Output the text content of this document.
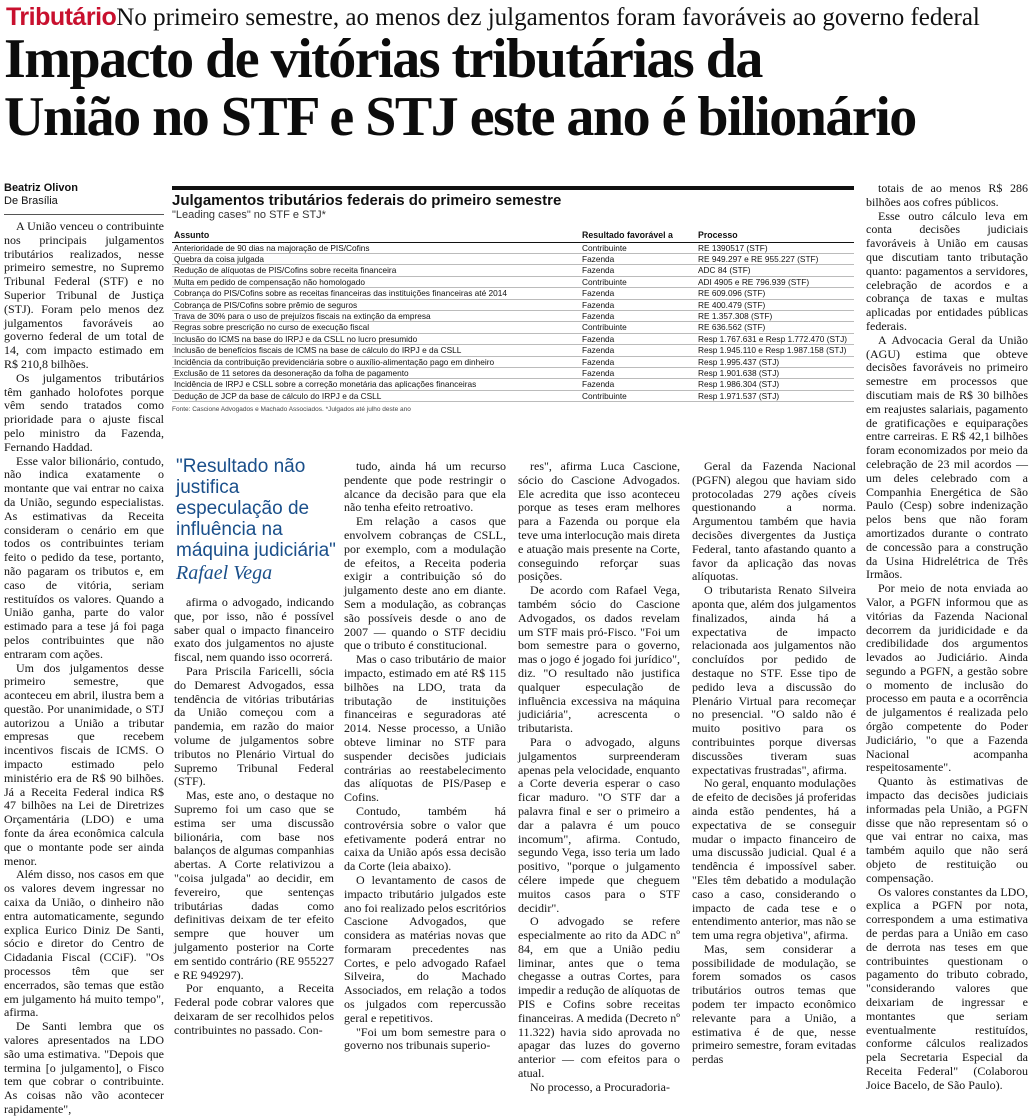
TributárioNo primeiro semestre, ao menos dez julgamentos foram favoráveis ao governo federal
Impacto de vitórias tributárias da
União no STF e STJ este ano é bilionário
Beatriz Olivon
De Brasília	Julgamentos tributários federais do primeiro semestre
"Leading cases" no STF e STJ*
Assunto	Resultado favorável a	Processo
Anterioridade de 90 dias na majoração de PIS/Cofins	Contribuinte	RE 1390517 (STF)
Quebra da coisa julgada	Fazenda	RE 949.297 e RE 955.227 (STF)
Redução de alíquotas de PIS/Cofins sobre receita financeira	Fazenda	ADC 84 (STF)
Multa em pedido de compensação não homologado	Contribuinte	ADI 4905 e RE 796.939 (STF)
Cobrança do PIS/Cofins sobre as receitas financeiras das instituições financeiras até 2014	Fazenda	RE 609.096 (STF)
Cobrança de PIS/Cofins sobre prêmio de seguros	Fazenda	RE 400.479 (STF)
Trava de 30% para o uso de prejuízos fiscais na extinção da empresa	Fazenda	RE 1.357.308 (STF)
Regras sobre prescrição no curso de execução fiscal	Contribuinte	RE 636.562 (STF)
Inclusão do ICMS na base do IRPJ e da CSLL no lucro presumido	Fazenda	Resp 1.767.631 e Resp 1.772.470 (STJ)
Inclusão de benefícios fiscais de ICMS na base de cálculo do IRPJ e da CSLL	Fazenda	Resp 1.945.110 e Resp 1.987.158 (STJ)
Incidência da contribuição previdenciária sobre o auxílio-alimentação pago em dinheiro	Fazenda	Resp 1.995.437 (STJ)
Exclusão de 11 setores da desoneração da folha de pagamento	Fazenda	Resp 1.901.638 (STJ)
Incidência de IRPJ e CSLL sobre a correção monetária das aplicações financeiras	Fazenda	Resp 1.986.304 (STJ)
Dedução de JCP da base de cálculo do IRPJ e da CSLL	Contribuinte	Resp 1.971.537 (STJ)
Fonte: Cascione Advogados e Machado Associados. *Julgados até julho deste ano
"Resultado não justifica especulação de influência na máquina judiciária"
Rafael Vega

A União venceu o contribuinte nos principais julgamentos tributários realizados, nesse primeiro semestre, no Supremo Tribunal Federal (STF) e no Superior Tribunal de Justiça (STJ). Foram pelo menos dez julgamentos favoráveis ao governo federal de um total de 14, com impacto estimado em R$ 210,8 bilhões.

Os julgamentos tributários têm ganhado holofotes porque vêm sendo tratados como prioridade para o ajuste fiscal pelo ministro da Fazenda, Fernando Haddad.

Esse valor bilionário, contudo, não indica exatamente o montante que vai entrar no caixa da União, segundo especialistas. As estimativas da Receita consideram o cenário em que todos os contribuintes teriam feito o pedido da tese, portanto, não pagaram os tributos e, em caso de vitória, seriam restituídos os valores. Quando a União ganha, parte do valor estimado para a tese já foi paga pelos contribuintes que não entraram com ações.

Um dos julgamentos desse primeiro semestre, que aconteceu em abril, ilustra bem a questão. Por unanimidade, o STJ autorizou a União a tributar empresas que recebem incentivos fiscais de ICMS. O impacto estimado pelo ministério era de R$ 90 bilhões. Já a Receita Federal indica R$ 47 bilhões na Lei de Diretrizes Orçamentária (LDO) e uma fonte da área econômica calcula que o montante pode ser ainda menor.

Além disso, nos casos em que os valores devem ingressar no caixa da União, o dinheiro não entra automaticamente, segundo explica Eurico Diniz De Santi, sócio e diretor do Centro de Cidadania Fiscal (CCiF). "Os processos têm que ser encerrados, são temas que estão em julgamento há muito tempo", afirma.

De Santi lembra que os valores apresentados na LDO são uma estimativa. "Depois que termina [o julgamento], o Fisco tem que cobrar o contribuinte. As coisas não vão acontecer rapidamente",

afirma o advogado, indicando que, por isso, não é possível saber qual o impacto financeiro exato dos julgamentos no ajuste fiscal, nem quando isso ocorrerá.

Para Priscila Faricelli, sócia do Demarest Advogados, essa tendência de vitórias tributárias da União começou com a pandemia, em razão do maior volume de julgamentos sobre tributos no Plenário Virtual do Supremo Tribunal Federal (STF).

Mas, este ano, o destaque no Supremo foi um caso que se estima ser uma discussão bilionária, com base nos balanços de algumas companhias abertas. A Corte relativizou a "coisa julgada" ao decidir, em fevereiro, que sentenças tributárias dadas como definitivas deixam de ter efeito sempre que houver um julgamento posterior na Corte em sentido contrário (RE 955227 e RE 949297).

Por enquanto, a Receita Federal pode cobrar valores que deixaram de ser recolhidos pelos contribuintes no passado. Con-

tudo, ainda há um recurso pendente que pode restringir o alcance da decisão para que ela não tenha efeito retroativo.

Em relação a casos que envolvem cobranças de CSLL, por exemplo, com a modulação de efeitos, a Receita poderia exigir a contribuição só do julgamento deste ano em diante. Sem a modulação, as cobranças são possíveis desde o ano de 2007 — quando o STF decidiu que o tributo é constitucional.

Mas o caso tributário de maior impacto, estimado em até R$ 115 bilhões na LDO, trata da tributação de instituições financeiras e seguradoras até 2014. Nesse processo, a União obteve liminar no STF para suspender decisões judiciais contrárias ao reestabelecimento das alíquotas de PIS/Pasep e Cofins.

Contudo, também há controvérsia sobre o valor que efetivamente poderá entrar no caixa da União após essa decisão da Corte (leia abaixo).

O levantamento de casos de impacto tributário julgados este ano foi realizado pelos escritórios Cascione Advogados, que considera as matérias novas que formaram precedentes nas Cortes, e pelo advogado Rafael Silveira, do Machado Associados, em relação a todos os julgados com repercussão geral e repetitivos.

"Foi um bom semestre para o governo nos tribunais superio-

res", afirma Luca Cascione, sócio do Cascione Advogados. Ele acredita que isso aconteceu porque as teses eram melhores para a Fazenda ou porque ela teve uma interlocução mais direta e atuação mais presente na Corte, conseguindo reforçar suas posições.

De acordo com Rafael Vega, também sócio do Cascione Advogados, os dados revelam um STF mais pró-Fisco. "Foi um bom semestre para o governo, mas o jogo é jogado foi jurídico", diz. "O resultado não justifica qualquer especulação de influência excessiva na máquina judiciária", acrescenta o tributarista.

Para o advogado, alguns julgamentos surpreenderam apenas pela velocidade, enquanto a Corte deveria esperar o caso ficar maduro. "O STF dar a palavra final e ser o primeiro a dar a palavra é um pouco incomum", afirma. Contudo, segundo Vega, isso teria um lado positivo, "porque o julgamento célere impede que cheguem muitos casos para o STF decidir".

O advogado se refere especialmente ao rito da ADC nº 84, em que a União pediu liminar, antes que o tema chegasse a outras Cortes, para impedir a redução de alíquotas de PIS e Cofins sobre receitas financeiras. A medida (Decreto nº 11.322) havia sido aprovada no apagar das luzes do governo anterior — com efeitos para o atual.

No processo, a Procuradoria-

Geral da Fazenda Nacional (PGFN) alegou que haviam sido protocoladas 279 ações cíveis questionando a norma. Argumentou também que havia decisões divergentes da Justiça Federal, tanto afastando quanto a favor da aplicação das novas alíquotas.

O tributarista Renato Silveira aponta que, além dos julgamentos finalizados, ainda há a expectativa de impacto relacionada aos julgamentos não concluídos por pedido de destaque no STF. Esse tipo de pedido leva a discussão do Plenário Virtual para recomeçar no presencial. "O saldo não é muito positivo para os contribuintes porque diversas discussões tiveram suas expectativas frustradas", afirma.

No geral, enquanto modulações de efeito de decisões já proferidas ainda estão pendentes, há a expectativa de se conseguir mudar o impacto financeiro de uma discussão judicial. Qual é a tendência é impossível saber. "Eles têm debatido a modulação caso a caso, considerando o impacto de cada tese e o entendimento anterior, mas não se tem uma regra objetiva", afirma.

Mas, sem considerar a possibilidade de modulação, se forem somados os casos tributários outros temas que podem ter impacto econômico relevante para a União, a estimativa é de que, nesse primeiro semestre, foram evitadas perdas

totais de ao menos R$ 286 bilhões aos cofres públicos.

Esse outro cálculo leva em conta decisões judiciais favoráveis à União em causas que discutiam tanto tributação quanto: pagamentos a servidores, celebração de acordos e a cobrança de taxas e multas aplicadas por entidades públicas federais.

A Advocacia Geral da União (AGU) estima que obteve decisões favoráveis no primeiro semestre em processos que discutiam mais de R$ 30 bilhões em reajustes salariais, pagamento de gratificações e equiparações entre carreiras. E R$ 42,1 bilhões foram economizados por meio da celebração de 23 mil acordos — um deles celebrado com a Companhia Energética de São Paulo (Cesp) sobre indenização pelos bens que não foram amortizados durante o contrato de concessão para a construção da Usina Hidrelétrica de Três Irmãos.

Por meio de nota enviada ao Valor, a PGFN informou que as vitórias da Fazenda Nacional decorrem da juridicidade e da credibilidade dos argumentos levados ao Judiciário. Ainda segundo a PGFN, a gestão sobre o momento de inclusão do processo em pauta e a ocorrência de julgamentos é realizada pelo órgão competente do Poder Judiciário, "o que a Fazenda Nacional acompanha respeitosamente".

Quanto às estimativas de impacto das decisões judiciais informadas pela União, a PGFN disse que não representam só o que vai entrar no caixa, mas também aquilo que não será objeto de restituição ou compensação.

Os valores constantes da LDO, explica a PGFN por nota, correspondem a uma estimativa de perdas para a União em caso de derrota nas teses em que contribuintes questionam o pagamento do tributo cobrado, "considerando valores que deixariam de ingressar e montantes que seriam eventualmente restituídos, conforme cálculos realizados pela Secretaria Especial da Receita Federal" (Colaborou Joice Bacelo, de São Paulo).
